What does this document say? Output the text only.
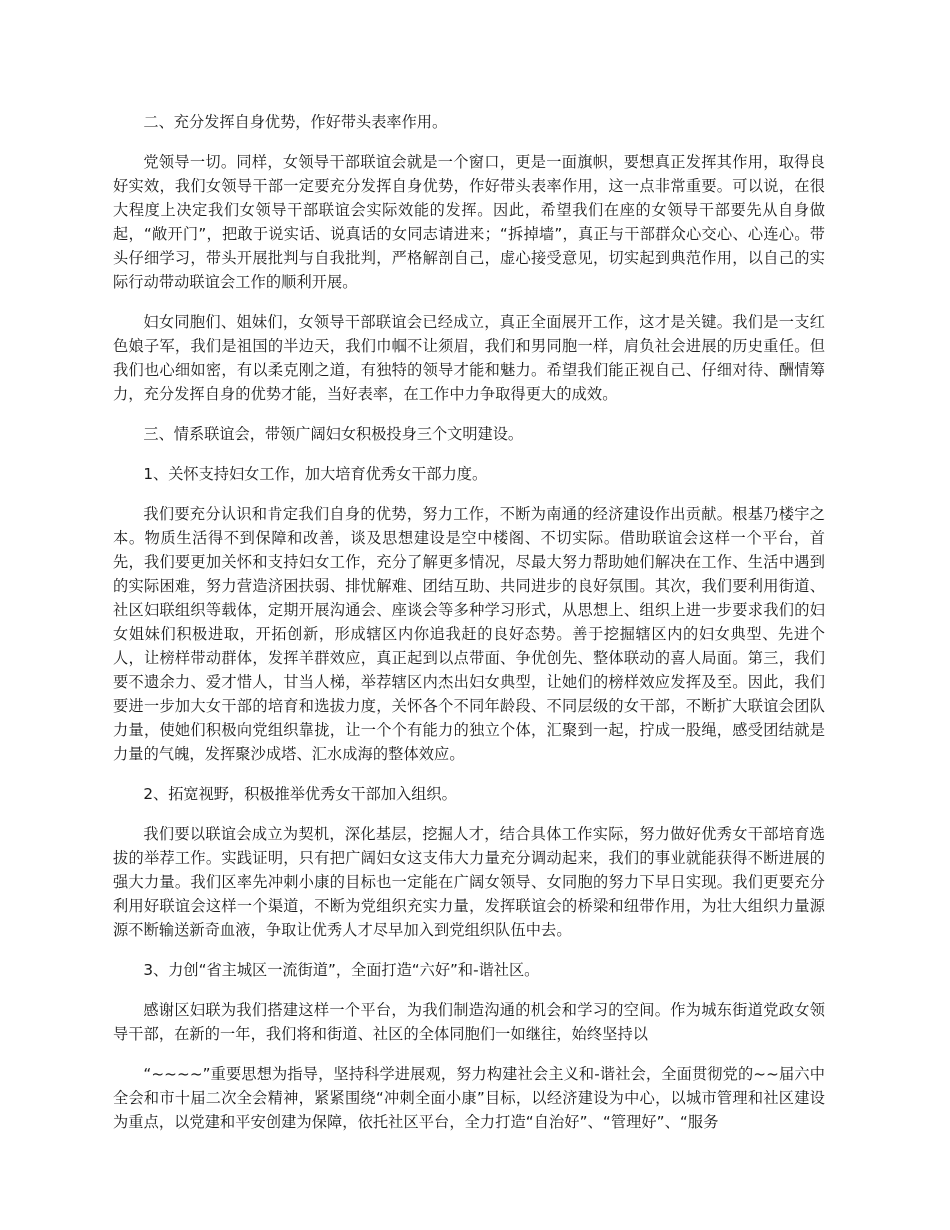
二、充分发挥自身优势，作好带头表率作用。

党领导一切。同样，女领导干部联谊会就是一个窗口，更是一面旗帜，要想真正发挥其作用，取得良好实效，我们女领导干部一定要充分发挥自身优势，作好带头表率作用，这一点非常重要。可以说，在很大程度上决定我们女领导干部联谊会实际效能的发挥。因此，希望我们在座的女领导干部要先从自身做起，“敞开门”，把敢于说实话、说真话的女同志请进来；“拆掉墙”，真正与干部群众心交心、心连心。带头仔细学习，带头开展批判与自我批判，严格解剖自己，虚心接受意见，切实起到典范作用，以自己的实际行动带动联谊会工作的顺利开展。

妇女同胞们、姐妹们，女领导干部联谊会已经成立，真正全面展开工作，这才是关键。我们是一支红色娘子军，我们是祖国的半边天，我们巾帼不让须眉，我们和男同胞一样，肩负社会进展的历史重任。但我们也心细如密，有以柔克刚之道，有独特的领导才能和魅力。希望我们能正视自己、仔细对待、酬情筹力，充分发挥自身的优势才能，当好表率，在工作中力争取得更大的成效。

三、情系联谊会，带领广阔妇女积极投身三个文明建设。

1、关怀支持妇女工作，加大培育优秀女干部力度。

我们要充分认识和肯定我们自身的优势，努力工作，不断为南通的经济建设作出贡献。根基乃楼宇之本。物质生活得不到保障和改善，谈及思想建设是空中楼阁、不切实际。借助联谊会这样一个平台，首先，我们要更加关怀和支持妇女工作，充分了解更多情况，尽最大努力帮助她们解决在工作、生活中遇到的实际困难，努力营造济困扶弱、排忧解难、团结互助、共同进步的良好氛围。其次，我们要利用街道、社区妇联组织等载体，定期开展沟通会、座谈会等多种学习形式，从思想上、组织上进一步要求我们的妇女姐妹们积极进取，开拓创新，形成辖区内你追我赶的良好态势。善于挖掘辖区内的妇女典型、先进个人，让榜样带动群体，发挥羊群效应，真正起到以点带面、争优创先、整体联动的喜人局面。第三，我们要不遗余力、爱才惜人，甘当人梯，举荐辖区内杰出妇女典型，让她们的榜样效应发挥及至。因此，我们要进一步加大女干部的培育和选拔力度，关怀各个不同年龄段、不同层级的女干部，不断扩大联谊会团队力量，使她们积极向党组织靠拢，让一个个有能力的独立个体，汇聚到一起，拧成一股绳，感受团结就是力量的气魄，发挥聚沙成塔、汇水成海的整体效应。

2、拓宽视野，积极推举优秀女干部加入组织。

我们要以联谊会成立为契机，深化基层，挖掘人才，结合具体工作实际，努力做好优秀女干部培育选拔的举荐工作。实践证明，只有把广阔妇女这支伟大力量充分调动起来，我们的事业就能获得不断进展的强大力量。我们区率先冲刺小康的目标也一定能在广阔女领导、女同胞的努力下早日实现。我们更要充分利用好联谊会这样一个渠道，不断为党组织充实力量，发挥联谊会的桥梁和纽带作用，为壮大组织力量源源不断输送新奇血液，争取让优秀人才尽早加入到党组织队伍中去。

3、力创“省主城区一流街道”，全面打造“六好”和-谐社区。

感谢区妇联为我们搭建这样一个平台，为我们制造沟通的机会和学习的空间。作为城东街道党政女领导干部，在新的一年，我们将和街道、社区的全体同胞们一如继往，始终坚持以

“~~~~”重要思想为指导，坚持科学进展观，努力构建社会主义和-谐社会，全面贯彻党的~~届六中全会和市十届二次全会精神，紧紧围绕“冲刺全面小康”目标，以经济建设为中心，以城市管理和社区建设为重点，以党建和平安创建为保障，依托社区平台，全力打造“自治好”、“管理好”、“服务
